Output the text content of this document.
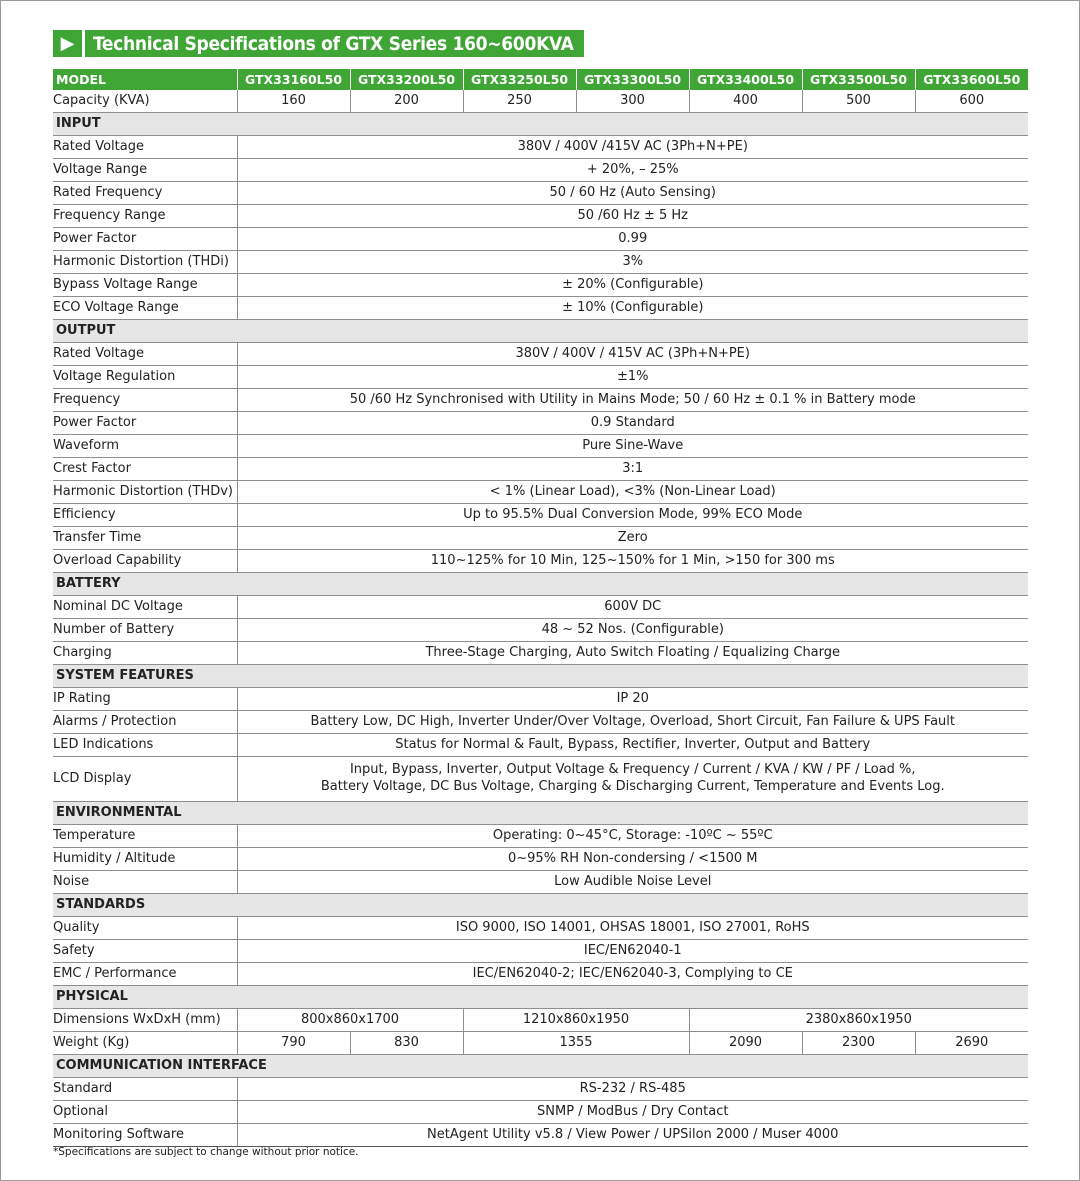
▶ Technical Specifications of GTX Series 160~600KVA
MODEL	GTX33160L50	GTX33200L50	GTX33250L50	GTX33300L50	GTX33400L50	GTX33500L50	GTX33600L50
Capacity (KVA)	160	200	250	300	400	500	600
INPUT							
Rated Voltage	380V / 400V /415V AC (3Ph+N+PE)						
Voltage Range	+ 20%, – 25%						
Rated Frequency	50 / 60 Hz (Auto Sensing)						
Frequency Range	50 /60 Hz ± 5 Hz						
Power Factor	0.99						
Harmonic Distortion (THDi)	3%						
Bypass Voltage Range	± 20% (Configurable)						
ECO Voltage Range	± 10% (Configurable)						
OUTPUT							
Rated Voltage	380V / 400V / 415V AC (3Ph+N+PE)						
Voltage Regulation	±1%						
Frequency	50 /60 Hz Synchronised with Utility in Mains Mode; 50 / 60 Hz ± 0.1 % in Battery mode						
Power Factor	0.9 Standard						
Waveform	Pure Sine-Wave						
Crest Factor	3:1						
Harmonic Distortion (THDv)	< 1% (Linear Load), <3% (Non-Linear Load)						
Efficiency	Up to 95.5% Dual Conversion Mode, 99% ECO Mode						
Transfer Time	Zero						
Overload Capability	110~125% for 10 Min, 125~150% for 1 Min, >150 for 300 ms						
BATTERY							
Nominal DC Voltage	600V DC						
Number of Battery	48 ~ 52 Nos. (Configurable)						
Charging	Three-Stage Charging, Auto Switch Floating / Equalizing Charge						
SYSTEM FEATURES							
IP Rating	IP 20						
Alarms / Protection	Battery Low, DC High, Inverter Under/Over Voltage, Overload, Short Circuit, Fan Failure & UPS Fault						
LED Indications	Status for Normal & Fault, Bypass, Rectifier, Inverter, Output and Battery						
LCD Display	Input, Bypass, Inverter, Output Voltage & Frequency / Current / KVA / KW / PF / Load %,
Battery Voltage, DC Bus Voltage, Charging & Discharging Current, Temperature and Events Log.						

ENVIRONMENTAL							
Temperature	Operating: 0~45°C, Storage: -10ºC ~ 55ºC						
Humidity / Altitude	0~95% RH Non-condersing / <1500 M						
Noise	Low Audible Noise Level						
STANDARDS							
Quality	ISO 9000, ISO 14001, OHSAS 18001, ISO 27001, RoHS						
Safety	IEC/EN62040-1						
EMC / Performance	IEC/EN62040-2; IEC/EN62040-3, Complying to CE						
PHYSICAL							
Dimensions WxDxH (mm)	800x860x1700		1210x860x1950		2380x860x1950		
Weight (Kg)	790	830	1355		2090	2300	2690
COMMUNICATION INTERFACE							
Standard	RS-232 / RS-485						
Optional	SNMP / ModBus / Dry Contact						
Monitoring Software	NetAgent Utility v5.8 / View Power / UPSilon 2000 / Muser 4000						
*Specifications are subject to change without prior notice.
